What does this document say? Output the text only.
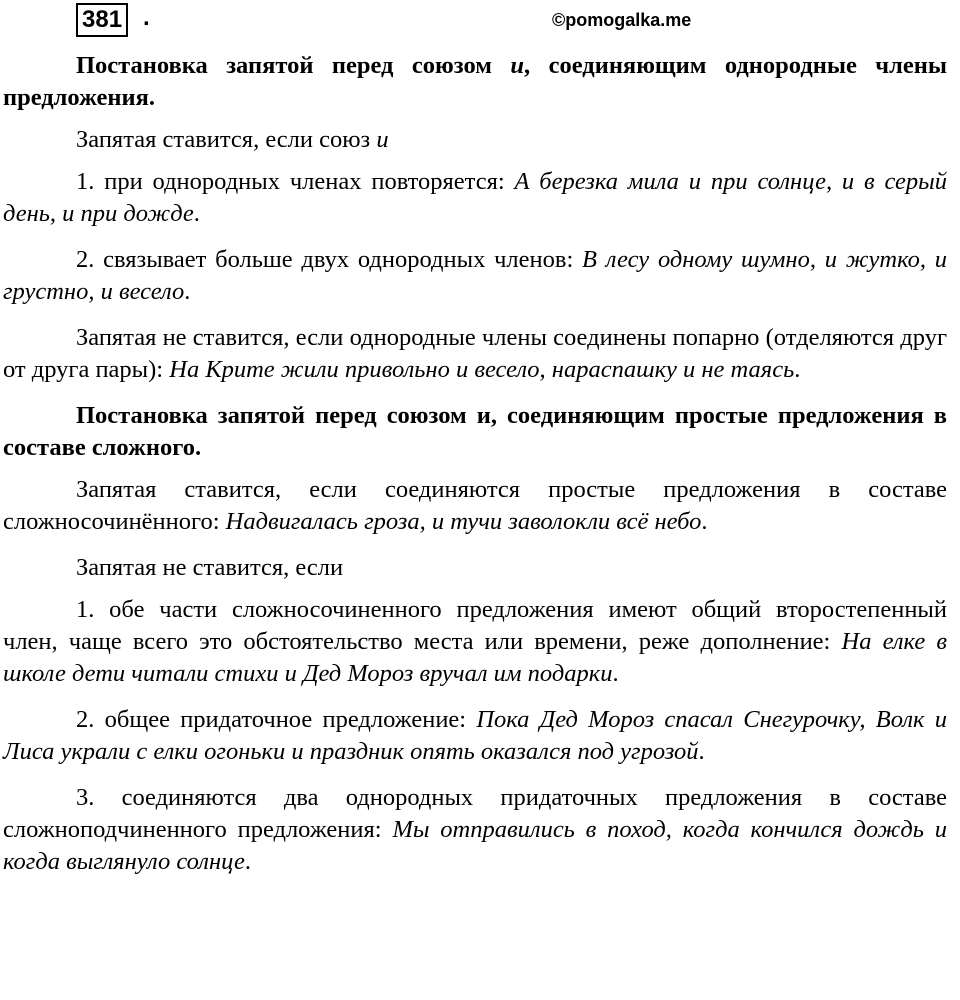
381 .	©pomogalka.me

Постановка запятой перед союзом и, соединяющим однородные члены предложения.

Запятая ставится, если союз и

1. при однородных членах повторяется: А березка мила и при солнце, и в серый день, и при дожде.

2. связывает больше двух однородных членов: В лесу одному шумно, и жутко, и грустно, и весело.

Запятая не ставится, если однородные члены соединены попарно (отделяются друг от друга пары): На Крите жили привольно и весело, нараспашку и не таясь.

Постановка запятой перед союзом и, соединяющим простые предложения в составе сложного.

Запятая ставится, если соединяются простые предложения в составе сложносочинённого: Надвигалась гроза, и тучи заволокли всё небо.

Запятая не ставится, если

1. обе части сложносочиненного предложения имеют общий второстепенный член, чаще всего это обстоятельство места или времени, реже дополнение: На елке в школе дети читали стихи и Дед Мороз вручал им подарки.

2. общее придаточное предложение: Пока Дед Мороз спасал Снегурочку, Волк и Лиса украли с елки огоньки и праздник опять оказался под угрозой.

3. соединяются два однородных придаточных предложения в составе сложноподчиненного предложения: Мы отправились в поход, когда кончился дождь и когда выглянуло солнце.
